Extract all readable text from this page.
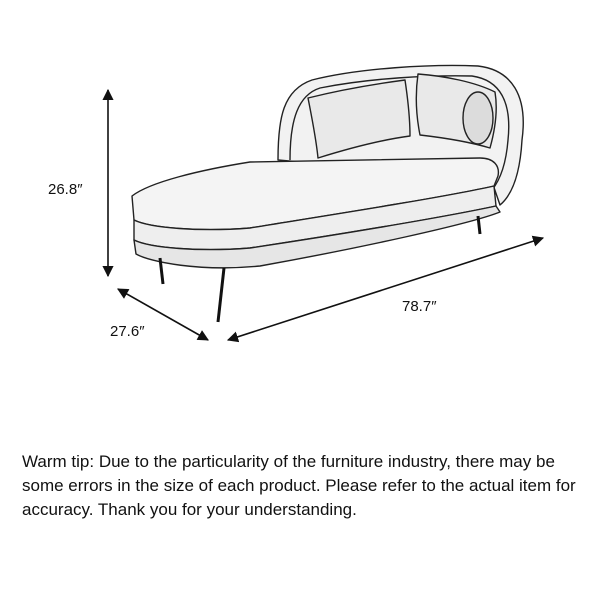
26.8″
27.6″
78.7″

Warm tip: Due to the particularity of the furniture industry, there may be some errors in the size of each product. Please refer to the actual item for accuracy. Thank you for your understanding.
